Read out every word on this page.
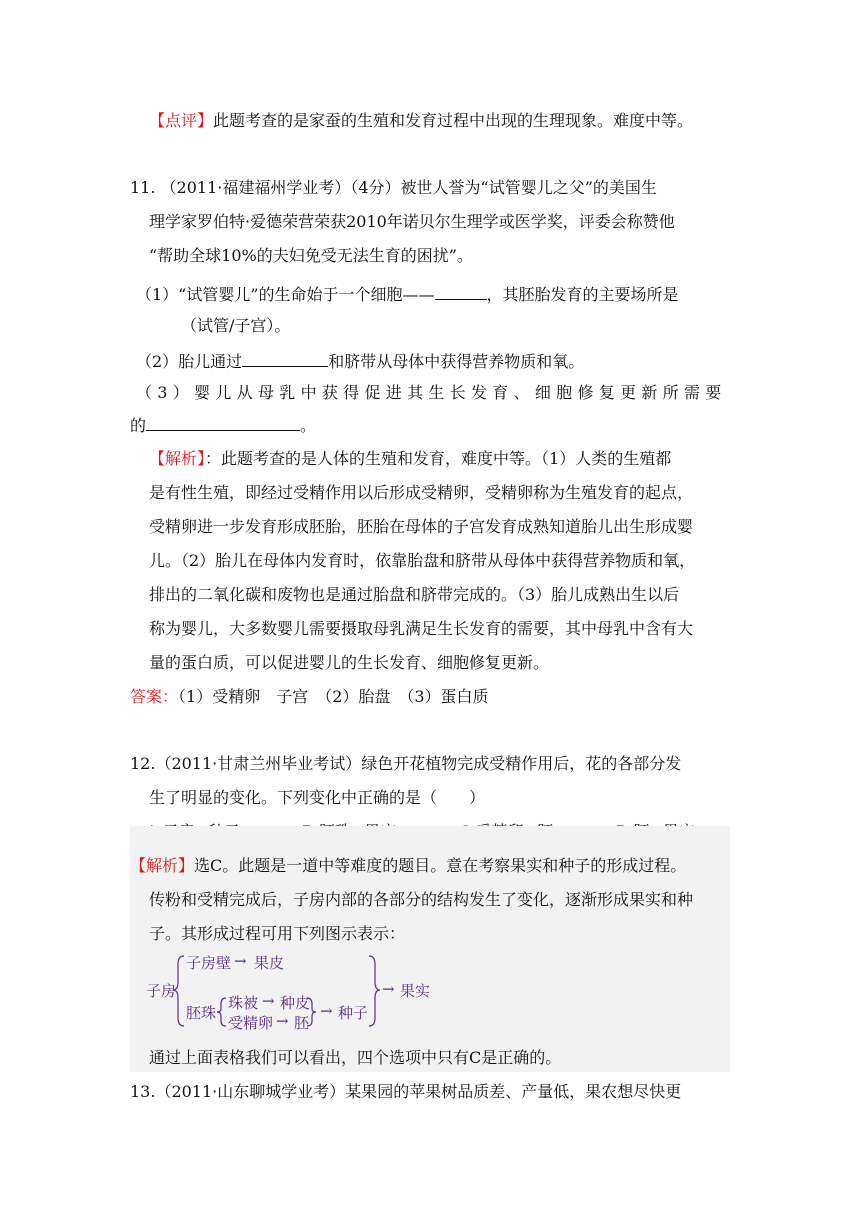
【点评】此题考查的是家蚕的生殖和发育过程中出现的生理现象。难度中等。
11. （2011·福建福州学业考）（4分）被世人誉为“试管婴儿之父”的美国生
理学家罗伯特·爱德荣营荣获2010年诺贝尔生理学或医学奖，评委会称赞他
“帮助全球10%的夫妇免受无法生育的困扰”。
（1）“试管婴儿”的生命始于一个细胞——	，其胚胎发育的主要场所是
（试管/子宫）。
（2）胎儿通过	和脐带从母体中获得营养物质和氧。
（3）婴儿从母乳中获得促进其生长发育、细胞修复更新所需要
的	。
【解析】：此题考查的是人体的生殖和发育，难度中等。（1）人类的生殖都
是有性生殖，即经过受精作用以后形成受精卵，受精卵称为生殖发育的起点，
受精卵进一步发育形成胚胎，胚胎在母体的子宫发育成熟知道胎儿出生形成婴
儿。（2）胎儿在母体内发育时，依靠胎盘和脐带从母体中获得营养物质和氧，
排出的二氧化碳和废物也是通过胎盘和脐带完成的。（3）胎儿成熟出生以后
称为婴儿，大多数婴儿需要摄取母乳满足生长发育的需要，其中母乳中含有大
量的蛋白质，可以促进婴儿的生长发育、细胞修复更新。
答案：（1）受精卵　子宫　（2）胎盘　（3）蛋白质
12.（2011·甘肃兰州毕业考试）绿色开花植物完成受精作用后，花的各部分发
生了明显的变化。下列变化中正确的是（　　）
【解析】选C。此题是一道中等难度的题目。意在考察果实和种子的形成过程。
传粉和受精完成后，子房内部的各部分的结构发生了变化，逐渐形成果实和种
子。其形成过程可用下列图示表示：
子房
子房壁 → 果皮
胚珠
珠被 → 种皮
受精卵 → 胚
→ 种子
→ 果实
通过上面表格我们可以看出，四个选项中只有C是正确的。
13.（2011·山东聊城学业考）某果园的苹果树品质差、产量低，果农想尽快更
